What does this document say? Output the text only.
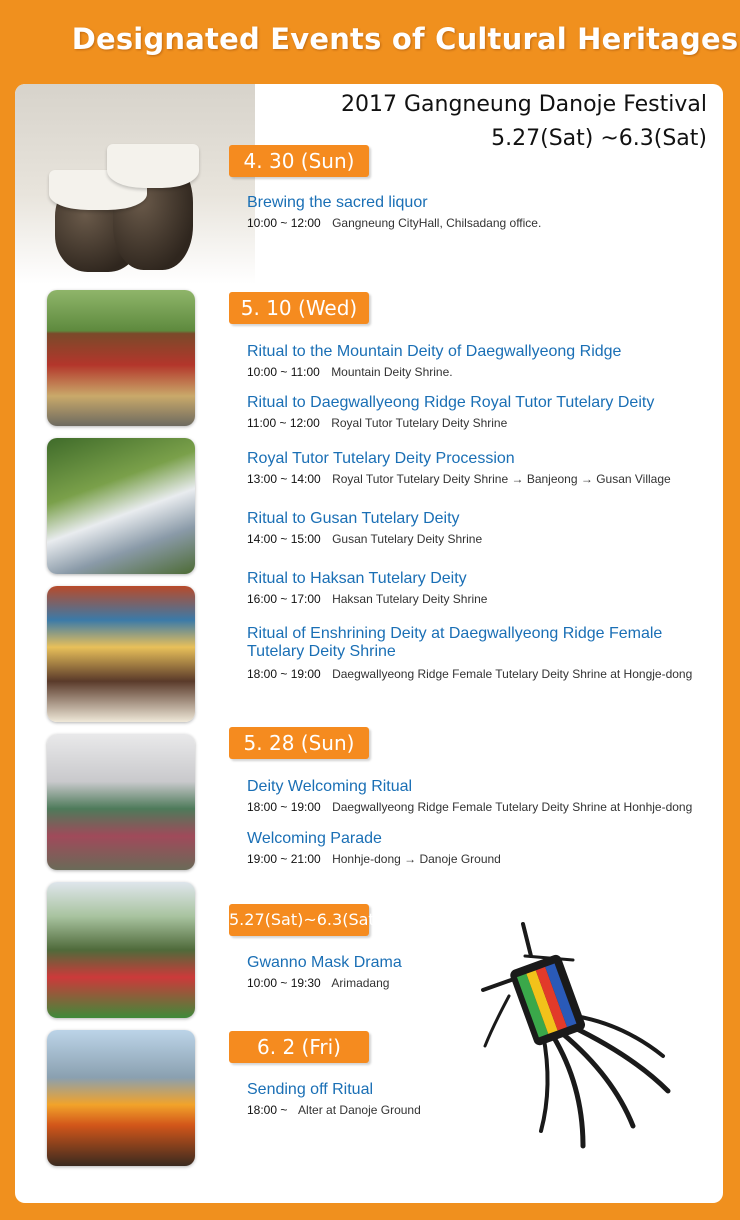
Designated Events of Cultural Heritages
2017 Gangneung Danoje Festival
5.27(Sat) ~6.3(Sat)
4. 30 (Sun)
Brewing the sacred liquor
10:00 ~ 12:00 Gangneung CityHall, Chilsadang office.
5. 10 (Wed)
Ritual to the Mountain Deity of Daegwallyeong Ridge
10:00 ~ 11:00 Mountain Deity Shrine.
Ritual to Daegwallyeong Ridge Royal Tutor Tutelary Deity
11:00 ~ 12:00 Royal Tutor Tutelary Deity Shrine
Royal Tutor Tutelary Deity Procession
13:00 ~ 14:00 Royal Tutor Tutelary Deity Shrine → Banjeong → Gusan Village
Ritual to Gusan Tutelary Deity
14:00 ~ 15:00 Gusan Tutelary Deity Shrine
Ritual to Haksan Tutelary Deity
16:00 ~ 17:00 Haksan Tutelary Deity Shrine
Ritual of Enshrining Deity at Daegwallyeong Ridge Female Tutelary Deity Shrine
18:00 ~ 19:00 Daegwallyeong Ridge Female Tutelary Deity Shrine at Hongje-dong
5. 28 (Sun)
Deity Welcoming Ritual
18:00 ~ 19:00 Daegwallyeong Ridge Female Tutelary Deity Shrine at Honhje-dong
Welcoming Parade
19:00 ~ 21:00 Honhje-dong → Danoje Ground
5.27(Sat)~6.3(Sat)
Gwanno Mask Drama
10:00 ~ 19:30 Arimadang
6. 2 (Fri)
Sending off Ritual
18:00 ~ Alter at Danoje Ground
